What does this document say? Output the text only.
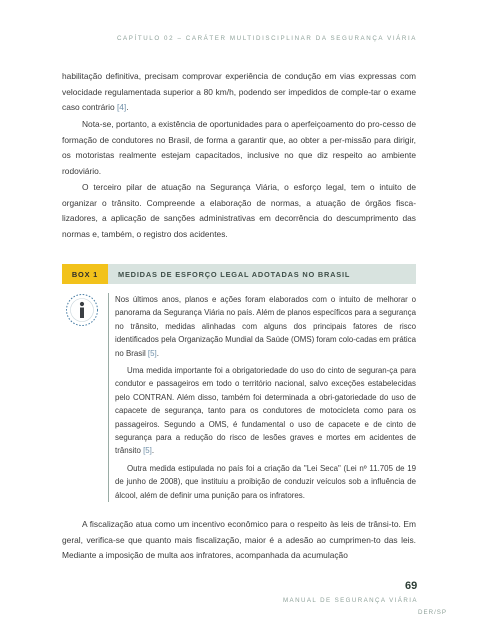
CAPÍTULO 02 – CARÁTER MULTIDISCIPLINAR DA SEGURANÇA VIÁRIA

habilitação definitiva, precisam comprovar experiência de condução em vias expressas com velocidade regulamentada superior a 80 km/h, podendo ser impedidos de comple-tar o exame caso contrário [4].

Nota-se, portanto, a existência de oportunidades para o aperfeiçoamento do pro-cesso de formação de condutores no Brasil, de forma a garantir que, ao obter a per-missão para dirigir, os motoristas realmente estejam capacitados, inclusive no que diz respeito ao ambiente rodoviário.

O terceiro pilar de atuação na Segurança Viária, o esforço legal, tem o intuito de organizar o trânsito. Compreende a elaboração de normas, a atuação de órgãos fisca-lizadores, a aplicação de sanções administrativas em decorrência do descumprimento das normas e, também, o registro dos acidentes.

BOX 1	MEDIDAS DE ESFORÇO LEGAL ADOTADAS NO BRASIL

Nos últimos anos, planos e ações foram elaborados com o intuito de melhorar o panorama da Segurança Viária no país. Além de planos específicos para a segurança no trânsito, medidas alinhadas com alguns dos principais fatores de risco identificados pela Organização Mundial da Saúde (OMS) foram colo-cadas em prática no Brasil [5].

Uma medida importante foi a obrigatoriedade do uso do cinto de seguran-ça para condutor e passageiros em todo o território nacional, salvo exceções estabelecidas pelo CONTRAN. Além disso, também foi determinada a obri-gatoriedade do uso de capacete de segurança, tanto para os condutores de motocicleta como para os passageiros. Segundo a OMS, é fundamental o uso de capacete e de cinto de segurança para a redução do risco de lesões graves e mortes em acidentes de trânsito [5].

Outra medida estipulada no país foi a criação da "Lei Seca" (Lei nº 11.705 de 19 de junho de 2008), que instituiu a proibição de conduzir veículos sob a influência de álcool, além de definir uma punição para os infratores.

A fiscalização atua como um incentivo econômico para o respeito às leis de trânsi-to. Em geral, verifica-se que quanto mais fiscalização, maior é a adesão ao cumprimen-to das leis. Mediante a imposição de multa aos infratores, acompanhada da acumulação

69
MANUAL DE SEGURANÇA VIÁRIA
DER/SP
